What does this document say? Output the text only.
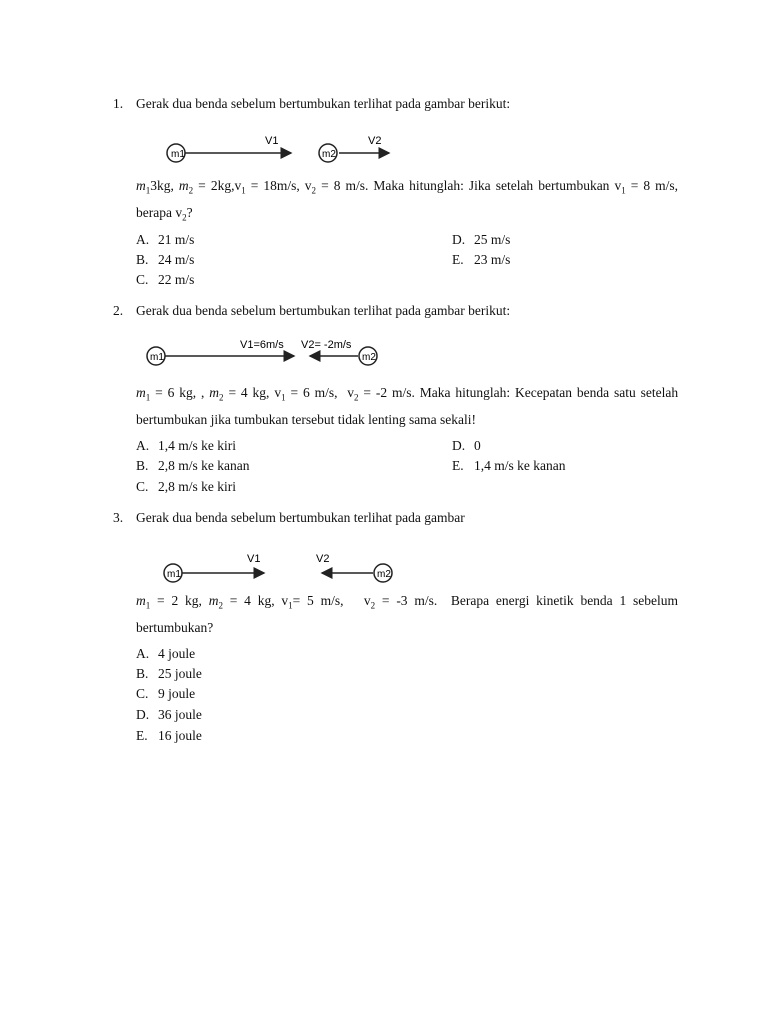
1. Gerak dua benda sebelum bertumbukan terlihat pada gambar berikut:
m1
V1
m2
V2
$m_13kg$, $m_2 = 2kg,v_1 = 18m/s$, $v_2 = 8$ m/s. Maka hitunglah: Jika setelah bertumbukan $v_1 = 8$ m/s, berapa $v_2$?
A. 21 m/s
B. 24 m/s
C. 22 m/s
D. 25 m/s
E. 23 m/s
2. Gerak dua benda sebelum bertumbukan terlihat pada gambar berikut:
m1
V1=6m/s
m2
V2= -2m/s
$m_1 = 6$ kg, , $m_2 = 4$ kg, $v_1 = 6$ m/s,  $v_2 = -2$ m/s. Maka hitunglah: Kecepatan benda satu setelah bertumbukan jika tumbukan tersebut tidak lenting sama sekali!
A. 1,4 m/s ke kiri
B. 2,8 m/s ke kanan
C. 2,8 m/s ke kiri
D. 0
E. 1,4 m/s ke kanan
3. Gerak dua benda sebelum bertumbukan terlihat pada gambar
m1
V1
m2
V2
$m_1 = 2$ kg, $m_2 = 4$ kg, $v_1= 5$ m/s,   $v_2 = -3$ m/s. Berapa energi kinetik benda 1 sebelum bertumbukan?
A. 4 joule
B. 25 joule
C. 9 joule
D. 36 joule
E. 16 joule
